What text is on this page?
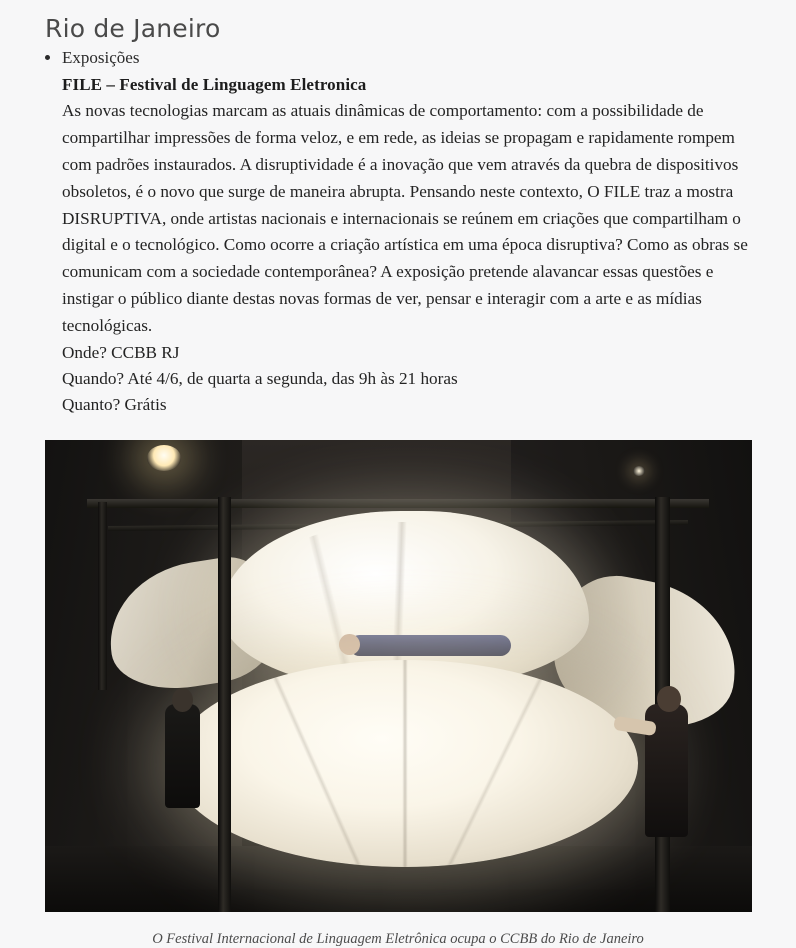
Rio de Janeiro
• Exposições
FILE – Festival de Linguagem Eletronica
As novas tecnologias marcam as atuais dinâmicas de comportamento: com a possibilidade de compartilhar impressões de forma veloz, e em rede, as ideias se propagam e rapidamente rompem com padrões instaurados. A disruptividade é a inovação que vem através da quebra de dispositivos obsoletos, é o novo que surge de maneira abrupta. Pensando neste contexto, O FILE traz a mostra DISRUPTIVA, onde artistas nacionais e internacionais se reúnem em criações que compartilham o digital e o tecnológico. Como ocorre a criação artística em uma época disruptiva? Como as obras se comunicam com a sociedade contemporânea? A exposição pretende alavancar essas questões e instigar o público diante destas novas formas de ver, pensar e interagir com a arte e as mídias tecnológicas.
Onde? CCBB RJ
Quando? Até 4/6, de quarta a segunda, das 9h às 21 horas
Quanto? Grátis
O Festival Internacional de Linguagem Eletrônica ocupa o CCBB do Rio de Janeiro
